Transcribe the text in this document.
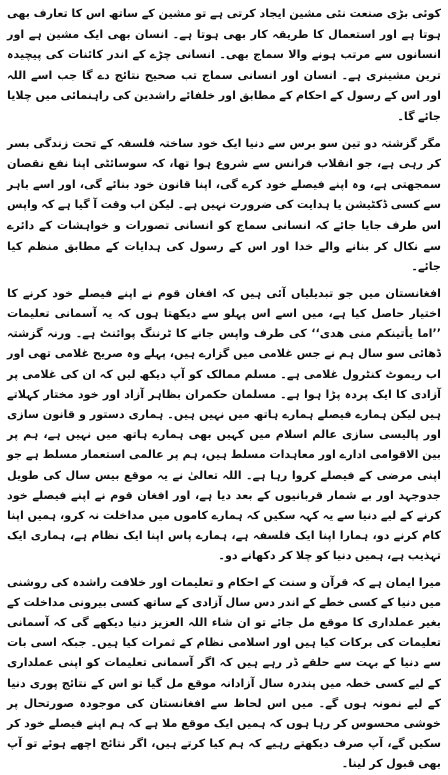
کوئی بڑی صنعت نئی مشین ایجاد کرتی ہے تو مشین کے ساتھ اس کا تعارف بھی ہوتا ہے اور استعمال کا طریقہ کار بھی ہوتا ہے۔ انسان بھی ایک مشین ہے اور انسانوں سے مرتب ہونے والا سماج بھی۔ انسانی چڑے کے اندر کائنات کی پیچیدہ ترین مشینری ہے۔ انسان اور انسانی سماج تب صحیح نتائج دے گا جب اسے اللہ اور اس کے رسول کے احکام کے مطابق اور خلفائے راشدین کی راہنمائی میں چلایا جائے گا۔

مگر گزشتہ دو تین سو برس سے دنیا ایک خود ساختہ فلسفہ کے تحت زندگی بسر کر رہی ہے، جو انقلاب فرانس سے شروع ہوا تھا، کہ سوسائٹی اپنا نفع نقصان سمجھتی ہے، وہ اپنے فیصلے خود کرے گی، اپنا قانون خود بنائے گی، اور اسے باہر سے کسی ڈکٹیشن یا ہدایت کی ضرورت نہیں ہے۔ لیکن اب وقت آ گیا ہے کہ واپس اس طرف جایا جائے کہ انسانی سماج کو انسانی تصورات و خواہشات کے دائرے سے نکال کر بنانے والے خدا اور اس کے رسول کی ہدایات کے مطابق منظم کیا جائے۔

افغانستان میں جو تبدیلیاں آئی ہیں کہ افغان قوم نے اپنے فیصلے خود کرنے کا اختیار حاصل کیا ہے، میں اسے اس پہلو سے دیکھتا ہوں کہ یہ آسمانی تعلیمات ’’اما یأتینکم منی ھدی‘‘ کی طرف واپس جانے کا ٹرننگ پوائنٹ ہے۔ ورنہ گزشتہ ڈھائی سو سال ہم نے جس غلامی میں گزارے ہیں، پہلے وہ صریح غلامی تھی اور اب ریموٹ کنٹرول غلامی ہے۔ مسلم ممالک کو آپ دیکھ لیں کہ ان کی غلامی پر آزادی کا ایک پردہ پڑا ہوا ہے۔ مسلمان حکمران بظاہر آزاد اور خود مختار کہلاتے ہیں لیکن ہمارے فیصلے ہمارے ہاتھ میں نہیں ہیں۔ ہماری دستور و قانون سازی اور پالیسی سازی عالم اسلام میں کہیں بھی ہمارے ہاتھ میں نہیں ہے، ہم پر بین الاقوامی ادارے اور معاہدات مسلط ہیں، ہم پر عالمی استعمار مسلط ہے جو اپنی مرضی کے فیصلے کروا رہا ہے۔ اللہ تعالیٰ نے یہ موقع بیس سال کی طویل جدوجہد اور بے شمار قربانیوں کے بعد دیا ہے، اور افغان قوم نے اپنے فیصلے خود کرنے کے لیے دنیا سے یہ کہہ سکیں کہ ہمارے کاموں میں مداخلت نہ کرو، ہمیں اپنا کام کرنے دو، ہمارا اپنا ایک فلسفہ ہے، ہمارے پاس اپنا ایک نظام ہے، ہماری ایک تہذیب ہے، ہمیں دنیا کو چلا کر دکھانے دو۔

میرا ایمان ہے کہ قرآن و سنت کے احکام و تعلیمات اور خلافت راشدہ کی روشنی میں دنیا کے کسی خطے کے اندر دس سال آزادی کے ساتھ کسی بیرونی مداخلت کے بغیر عملداری کا موقع مل جائے تو ان شاء اللہ العزیز دنیا دیکھے گی کہ آسمانی تعلیمات کی برکات کیا ہیں اور اسلامی نظام کے ثمرات کیا ہیں۔ جبکہ اسی بات سے دنیا کے بہت سے حلقے ڈر رہے ہیں کہ اگر آسمانی تعلیمات کو اپنی عملداری کے لیے کسی خطہ میں پندرہ سال آزادانہ موقع مل گیا تو اس کے نتائج پوری دنیا کے لیے نمونہ ہوں گے۔ میں اس لحاظ سے افغانستان کی موجودہ صورتحال پر خوشی محسوس کر رہا ہوں کہ ہمیں ایک موقع ملا ہے کہ ہم اپنے فیصلے خود کر سکیں گے، آپ صرف دیکھتے رہیے کہ ہم کیا کرتے ہیں، اگر نتائج اچھے ہوئے تو آپ بھی قبول کر لینا۔
